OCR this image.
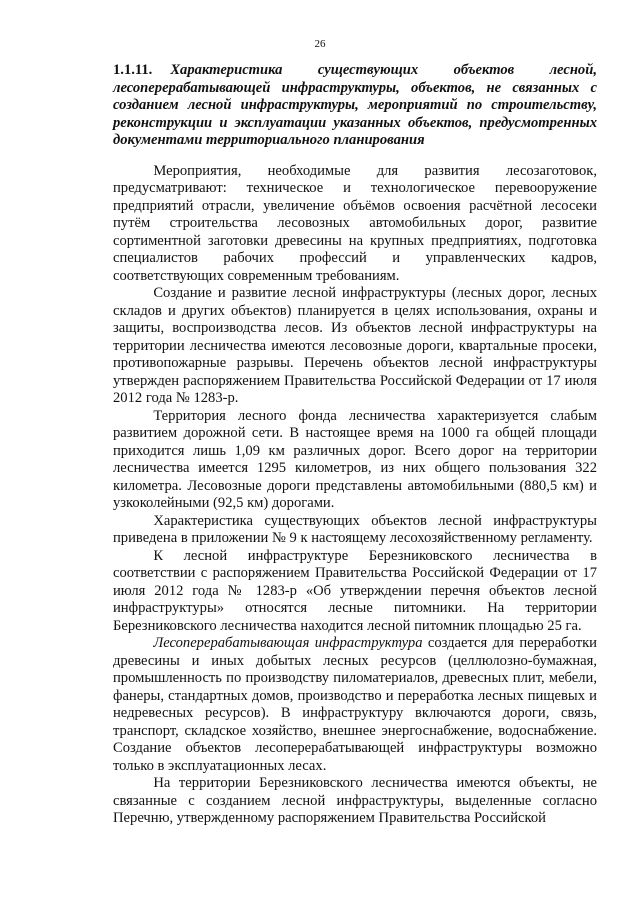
26

1.1.11. Характеристика существующих объектов лесной, лесоперерабатывающей инфраструктуры, объектов, не связанных с созданием лесной инфраструктуры, мероприятий по строительству, реконструкции и эксплуатации указанных объектов, предусмотренных документами территориального планирования

Мероприятия, необходимые для развития лесозаготовок, предусматривают: техническое и технологическое перевооружение предприятий отрасли, увеличение объёмов освоения расчётной лесосеки путём строительства лесовозных автомобильных дорог, развитие сортиментной заготовки древесины на крупных предприятиях, подготовка специалистов рабочих профессий и управленческих кадров, соответствующих современным требованиям.

Создание и развитие лесной инфраструктуры (лесных дорог, лесных складов и других объектов) планируется в целях использования, охраны и защиты, воспроизводства лесов. Из объектов лесной инфраструктуры на территории лесничества имеются лесовозные дороги, квартальные просеки, противопожарные разрывы. Перечень объектов лесной инфраструктуры утвержден распоряжением Правительства Российской Федерации от 17 июля 2012 года № 1283-р.

Территория лесного фонда лесничества характеризуется слабым развитием дорожной сети. В настоящее время на 1000 га общей площади приходится лишь 1,09 км различных дорог. Всего дорог на территории лесничества имеется 1295 километров, из них общего пользования 322 километра. Лесовозные дороги представлены автомобильными (880,5 км) и узкоколейными (92,5 км) дорогами.

Характеристика существующих объектов лесной инфраструктуры приведена в приложении № 9 к настоящему лесохозяйственному регламенту.

К лесной инфраструктуре Березниковского лесничества в соответствии с распоряжением Правительства Российской Федерации от 17 июля 2012 года № 1283-р «Об утверждении перечня объектов лесной инфраструктуры» относятся лесные питомники. На территории Березниковского лесничества находится лесной питомник площадью 25 га.

Лесоперерабатывающая инфраструктура создается для переработки древесины и иных добытых лесных ресурсов (целлюлозно-бумажная, промышленность по производству пиломатериалов, древесных плит, мебели, фанеры, стандартных домов, производство и переработка лесных пищевых и недревесных ресурсов). В инфраструктуру включаются дороги, связь, транспорт, складское хозяйство, внешнее энергоснабжение, водоснабжение. Создание объектов лесоперерабатывающей инфраструктуры возможно только в эксплуатационных лесах.

На территории Березниковского лесничества имеются объекты, не связанные с созданием лесной инфраструктуры, выделенные согласно Перечню, утвержденному распоряжением Правительства Российской
